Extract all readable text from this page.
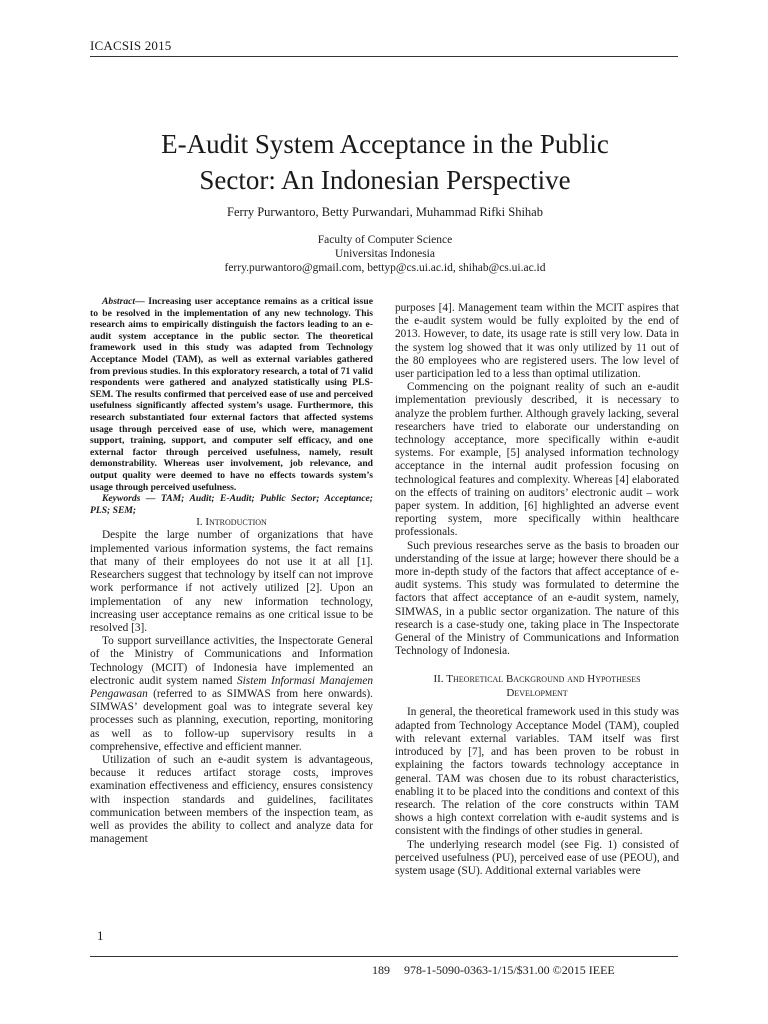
ICACSIS 2015
E-Audit System Acceptance in the Public
Sector: An Indonesian Perspective
Ferry Purwantoro, Betty Purwandari, Muhammad Rifki Shihab
Faculty of Computer Science
Universitas Indonesia
ferry.purwantoro@gmail.com, bettyp@cs.ui.ac.id, shihab@cs.ui.ac.id

Abstract— Increasing user acceptance remains as a critical issue to be resolved in the implementation of any new technology. This research aims to empirically distinguish the factors leading to an e-audit system acceptance in the public sector. The theoretical framework used in this study was adapted from Technology Acceptance Model (TAM), as well as external variables gathered from previous studies. In this exploratory research, a total of 71 valid respondents were gathered and analyzed statistically using PLS-SEM. The results confirmed that perceived ease of use and perceived usefulness significantly affected system’s usage. Furthermore, this research substantiated four external factors that affected systems usage through perceived ease of use, which were, management support, training, support, and computer self efficacy, and one external factor through perceived usefulness, namely, result demonstrability. Whereas user involvement, job relevance, and output quality were deemed to have no effects towards system’s usage through perceived usefulness.

Keywords — TAM; Audit; E-Audit; Public Sector; Acceptance; PLS; SEM;

I. Introduction

Despite the large number of organizations that have implemented various information systems, the fact remains that many of their employees do not use it at all [1]. Researchers suggest that technology by itself can not improve work performance if not actively utilized [2]. Upon an implementation of any new information technology, increasing user acceptance remains as one critical issue to be resolved [3].

To support surveillance activities, the Inspectorate General of the Ministry of Communications and Information Technology (MCIT) of Indonesia have implemented an electronic audit system named Sistem Informasi Manajemen Pengawasan (referred to as SIMWAS from here onwards). SIMWAS’ development goal was to integrate several key processes such as planning, execution, reporting, monitoring as well as to follow-up supervisory results in a comprehensive, effective and efficient manner.

Utilization of such an e-audit system is advantageous, because it reduces artifact storage costs, improves examination effectiveness and efficiency, ensures consistency with inspection standards and guidelines, facilitates communication between members of the inspection team, as well as provides the ability to collect and analyze data for management

purposes [4]. Management team within the MCIT aspires that the e-audit system would be fully exploited by the end of 2013. However, to date, its usage rate is still very low. Data in the system log showed that it was only utilized by 11 out of the 80 employees who are registered users. The low level of user participation led to a less than optimal utilization.

Commencing on the poignant reality of such an e-audit implementation previously described, it is necessary to analyze the problem further. Although gravely lacking, several researchers have tried to elaborate our understanding on technology acceptance, more specifically within e-audit systems. For example, [5] analysed information technology acceptance in the internal audit profession focusing on technological features and complexity. Whereas [4] elaborated on the effects of training on auditors’ electronic audit – work paper system. In addition, [6] highlighted an adverse event reporting system, more specifically within healthcare professionals.

Such previous researches serve as the basis to broaden our understanding of the issue at large; however there should be a more in-depth study of the factors that affect acceptance of e-audit systems. This study was formulated to determine the factors that affect acceptance of an e-audit system, namely, SIMWAS, in a public sector organization. The nature of this research is a case-study one, taking place in The Inspectorate General of the Ministry of Communications and Information Technology of Indonesia.

II. Theoretical Background and Hypotheses
Development

In general, the theoretical framework used in this study was adapted from Technology Acceptance Model (TAM), coupled with relevant external variables. TAM itself was first introduced by [7], and has been proven to be robust in explaining the factors towards technology acceptance in general. TAM was chosen due to its robust characteristics, enabling it to be placed into the conditions and context of this research. The relation of the core constructs within TAM shows a high context correlation with e-audit systems and is consistent with the findings of other studies in general.

The underlying research model (see Fig. 1) consisted of perceived usefulness (PU), perceived ease of use (PEOU), and system usage (SU). Additional external variables were

1
189 978-1-5090-0363-1/15/$31.00 ©2015 IEEE
